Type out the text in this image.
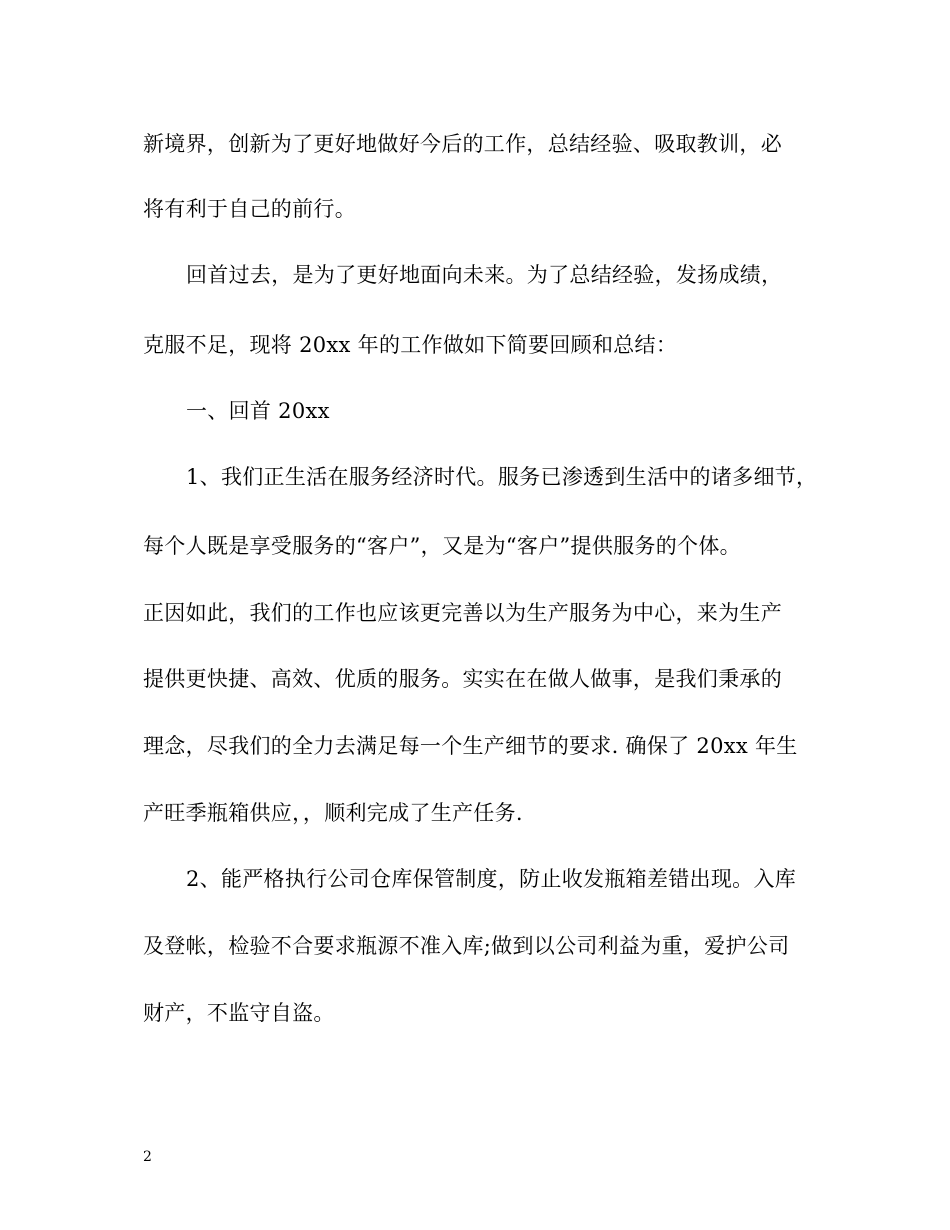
新境界，创新为了更好地做好今后的工作，总结经验、吸取教训，必
将有利于自己的前行。
回首过去，是为了更好地面向未来。为了总结经验，发扬成绩，
克服不足，现将 20xx 年的工作做如下简要回顾和总结：
一、回首 20xx
1、我们正生活在服务经济时代。服务已渗透到生活中的诸多细节，
每个人既是享受服务的“客户”，又是为“客户”提供服务的个体。
正因如此，我们的工作也应该更完善以为生产服务为中心，来为生产
提供更快捷、高效、优质的服务。实实在在做人做事，是我们秉承的
理念，尽我们的全力去满足每一个生产细节的要求. 确保了 20xx 年生
产旺季瓶箱供应，，顺利完成了生产任务.
2、能严格执行公司仓库保管制度，防止收发瓶箱差错出现。入库
及登帐，检验不合要求瓶源不准入库;做到以公司利益为重，爱护公司
财产，不监守自盗。
2
